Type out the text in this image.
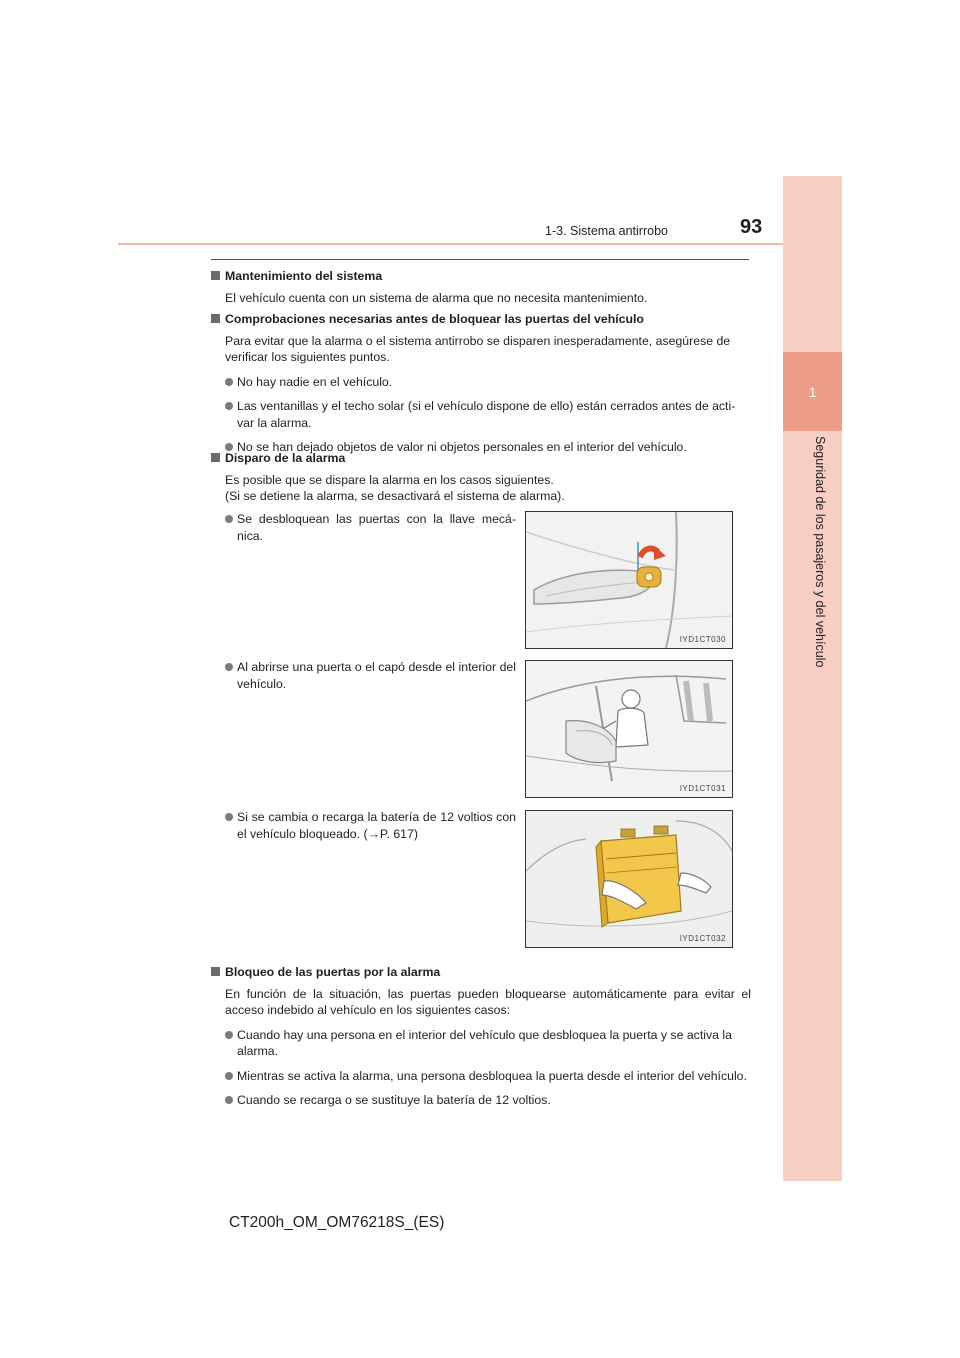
1-3. Sistema antirrobo	93
1
Seguridad de los pasajeros y del vehículo
Mantenimiento del sistema
El vehículo cuenta con un sistema de alarma que no necesita mantenimiento.
Comprobaciones necesarias antes de bloquear las puertas del vehículo
Para evitar que la alarma o el sistema antirrobo se disparen inesperadamente, asegúrese de verificar los siguientes puntos.
No hay nadie en el vehículo.
Las ventanillas y el techo solar (si el vehículo dispone de ello) están cerrados antes de acti-var la alarma.
No se han dejado objetos de valor ni objetos personales en el interior del vehículo.
Disparo de la alarma
Es posible que se dispare la alarma en los casos siguientes.
(Si se detiene la alarma, se desactivará el sistema de alarma).
Se desbloquean las puertas con la llave mecá-nica.
Al abrirse una puerta o el capó desde el interior del vehículo.
Si se cambia o recarga la batería de 12 voltios con el vehículo bloqueado. (→P. 617)
IYD1CT030
IYD1CT031
IYD1CT032
Bloqueo de las puertas por la alarma
En función de la situación, las puertas pueden bloquearse automáticamente para evitar el acceso indebido al vehículo en los siguientes casos:
Cuando hay una persona en el interior del vehículo que desbloquea la puerta y se activa la alarma.
Mientras se activa la alarma, una persona desbloquea la puerta desde el interior del vehículo.
Cuando se recarga o se sustituye la batería de 12 voltios.
CT200h_OM_OM76218S_(ES)
